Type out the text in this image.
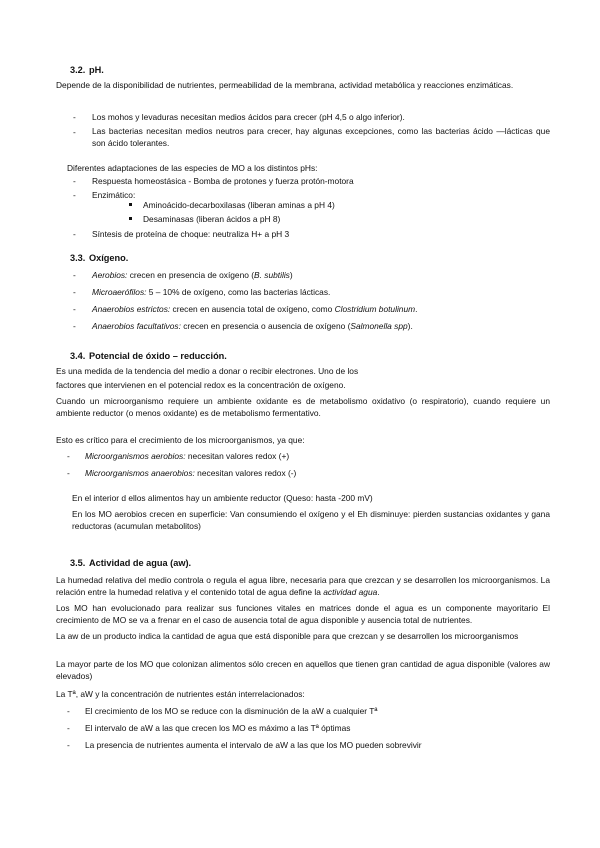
3.2. pH.
Depende de la disponibilidad de nutrientes, permeabilidad de la membrana, actividad metabólica y reacciones enzimáticas.
- Los mohos y levaduras necesitan medios ácidos para crecer (pH 4,5 o algo inferior).
- Las bacterias necesitan medios neutros para crecer, hay algunas excepciones, como las bacterias ácido —lácticas que son ácido tolerantes.
Diferentes adaptaciones de las especies de MO a los distintos pHs:
- Respuesta homeostásica - Bomba de protones y fuerza protón-motora
- Enzimático:
Aminoácido-decarboxilasas (liberan aminas a pH 4)
Desaminasas (liberan ácidos a pH 8)
- Síntesis de proteína de choque: neutraliza H+ a pH 3
3.3. Oxígeno.
- Aerobios: crecen en presencia de oxígeno (B. subtilis)
- Microaerófilos: 5 – 10% de oxígeno, como las bacterias lácticas.
- Anaerobios estrictos: crecen en ausencia total de oxígeno, como Clostridium botulinum.
- Anaerobios facultativos: crecen en presencia o ausencia de oxígeno (Salmonella spp).
3.4. Potencial de óxido – reducción.
Es una medida de la tendencia del medio a donar o recibir electrones. Uno de los
factores que intervienen en el potencial redox es la concentración de oxígeno.
Cuando un microorganismo requiere un ambiente oxidante es de metabolismo oxidativo (o respiratorio), cuando requiere un ambiente reductor (o menos oxidante) es de metabolismo fermentativo.
Esto es crítico para el crecimiento de los microorganismos, ya que:
- Microorganismos aerobios: necesitan valores redox (+)
- Microorganismos anaerobios: necesitan valores redox (-)
En el interior d ellos alimentos hay un ambiente reductor (Queso: hasta -200 mV)
En los MO aerobios crecen en superficie: Van consumiendo el oxígeno y el Eh disminuye: pierden sustancias oxidantes y gana reductoras (acumulan metabolitos)
3.5. Actividad de agua (aw).
La humedad relativa del medio controla o regula el agua libre, necesaria para que crezcan y se desarrollen los microorganismos. La relación entre la humedad relativa y el contenido total de agua define la actividad agua.
Los MO han evolucionado para realizar sus funciones vitales en matrices donde el agua es un componente mayoritario El crecimiento de MO se va a frenar en el caso de ausencia total de agua disponible y ausencia total de nutrientes.
La aw de un producto indica la cantidad de agua que está disponible para que crezcan y se desarrollen los microorganismos
La mayor parte de los MO que colonizan alimentos sólo crecen en aquellos que tienen gran cantidad de agua disponible (valores aw elevados)
La Tª, aW y la concentración de nutrientes están interrelacionados:
- El crecimiento de los MO se reduce con la disminución de la aW a cualquier Tª
- El intervalo de aW a las que crecen los MO es máximo a las Tª óptimas
- La presencia de nutrientes aumenta el intervalo de aW a las que los MO pueden sobrevivir
